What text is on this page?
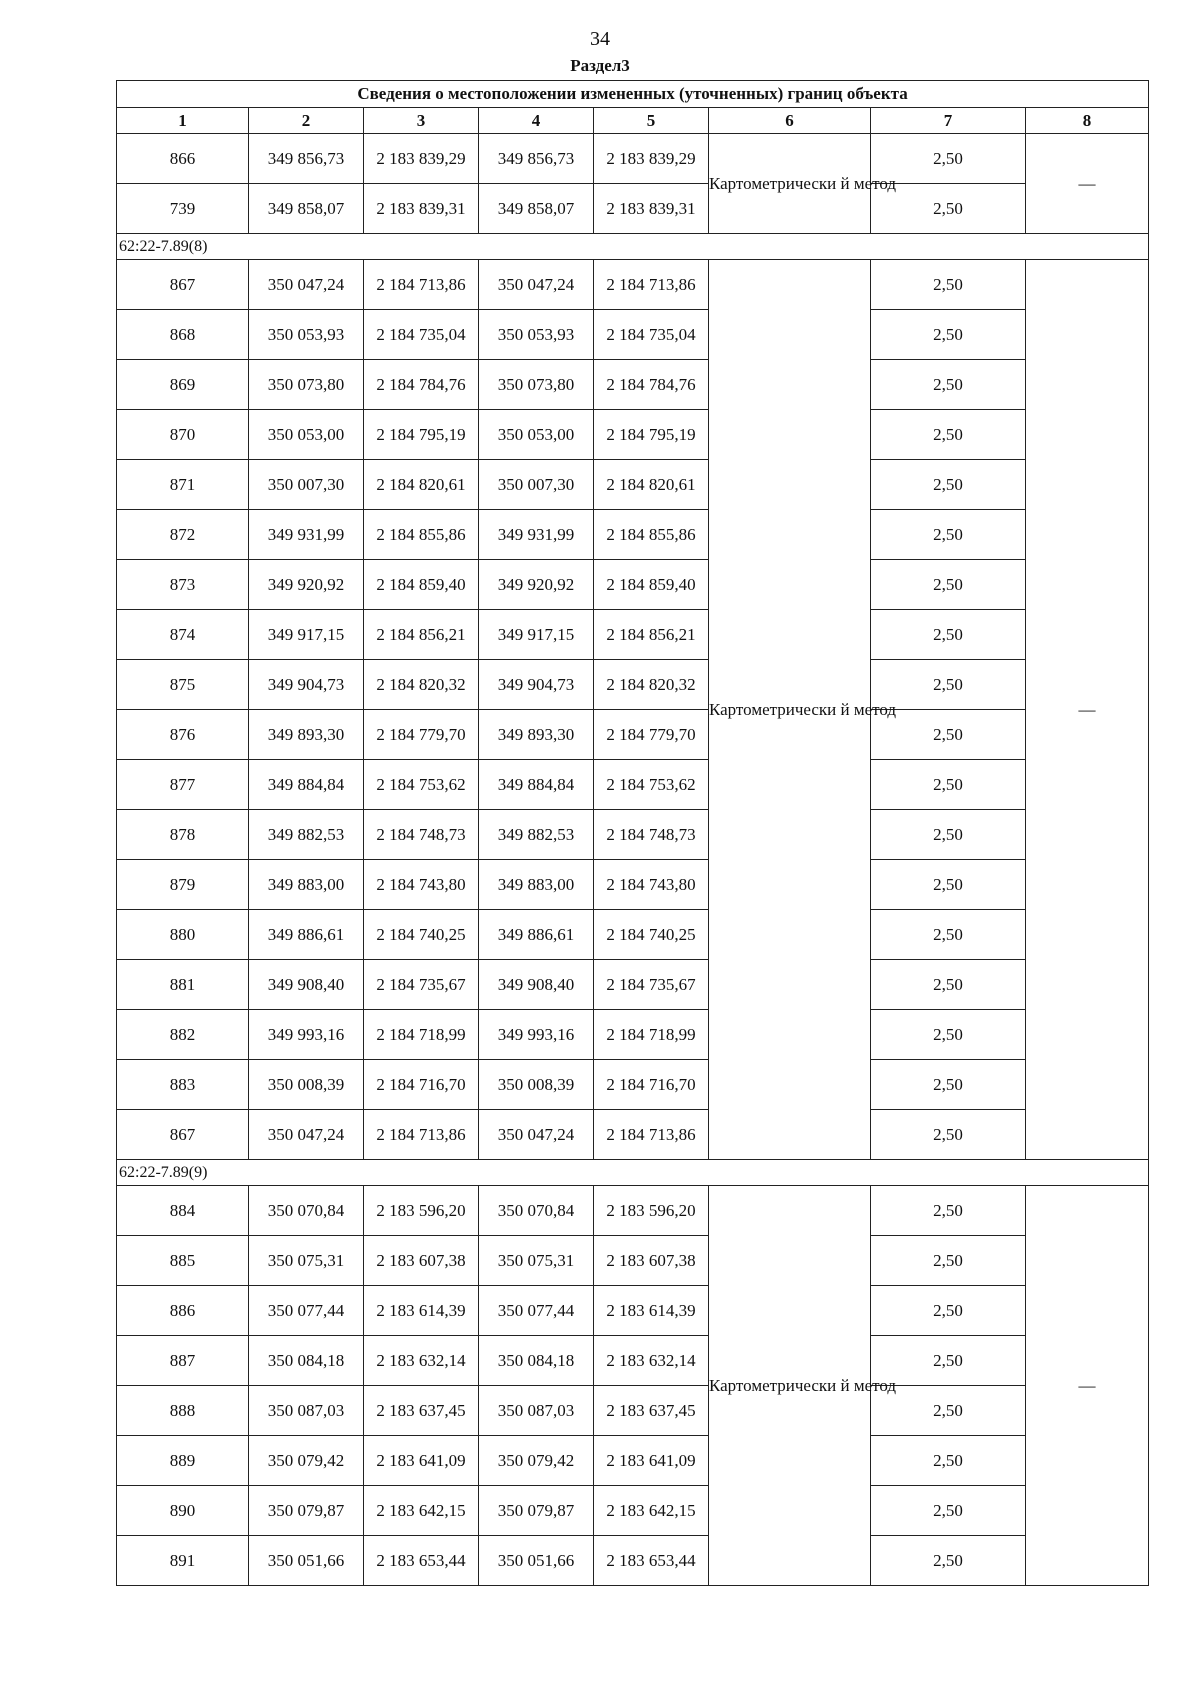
34
Раздел3
Сведения о местоположении измененных (уточненных) границ объекта							
1	2	3	4	5	6	7	8
866	349 856,73	2 183 839,29	349 856,73	2 183 839,29	Картометрически й метод	2,50	—
739	349 858,07	2 183 839,31	349 858,07	2 183 839,31		2,50	
62:22-7.89(8)							
867	350 047,24	2 184 713,86	350 047,24	2 184 713,86	Картометрически й метод	2,50	—
868	350 053,93	2 184 735,04	350 053,93	2 184 735,04		2,50	
869	350 073,80	2 184 784,76	350 073,80	2 184 784,76		2,50	
870	350 053,00	2 184 795,19	350 053,00	2 184 795,19		2,50	
871	350 007,30	2 184 820,61	350 007,30	2 184 820,61		2,50	
872	349 931,99	2 184 855,86	349 931,99	2 184 855,86		2,50	
873	349 920,92	2 184 859,40	349 920,92	2 184 859,40		2,50	
874	349 917,15	2 184 856,21	349 917,15	2 184 856,21		2,50	
875	349 904,73	2 184 820,32	349 904,73	2 184 820,32		2,50	
876	349 893,30	2 184 779,70	349 893,30	2 184 779,70		2,50	
877	349 884,84	2 184 753,62	349 884,84	2 184 753,62		2,50	
878	349 882,53	2 184 748,73	349 882,53	2 184 748,73		2,50	
879	349 883,00	2 184 743,80	349 883,00	2 184 743,80		2,50	
880	349 886,61	2 184 740,25	349 886,61	2 184 740,25		2,50	
881	349 908,40	2 184 735,67	349 908,40	2 184 735,67		2,50	
882	349 993,16	2 184 718,99	349 993,16	2 184 718,99		2,50	
883	350 008,39	2 184 716,70	350 008,39	2 184 716,70		2,50	
867	350 047,24	2 184 713,86	350 047,24	2 184 713,86		2,50	
62:22-7.89(9)							
884	350 070,84	2 183 596,20	350 070,84	2 183 596,20	Картометрически й метод	2,50	—
885	350 075,31	2 183 607,38	350 075,31	2 183 607,38		2,50	
886	350 077,44	2 183 614,39	350 077,44	2 183 614,39		2,50	
887	350 084,18	2 183 632,14	350 084,18	2 183 632,14		2,50	
888	350 087,03	2 183 637,45	350 087,03	2 183 637,45		2,50	
889	350 079,42	2 183 641,09	350 079,42	2 183 641,09		2,50	
890	350 079,87	2 183 642,15	350 079,87	2 183 642,15		2,50	
891	350 051,66	2 183 653,44	350 051,66	2 183 653,44		2,50	
